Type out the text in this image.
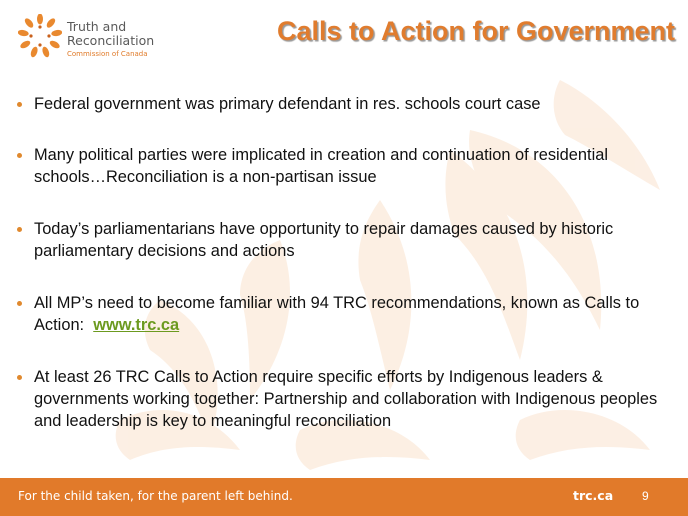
Truth and
Reconciliation
Commission of Canada
Calls to Action for Government
Federal government was primary defendant in res. schools court case
Many political parties were implicated in creation and continuation of residential schools…Reconciliation is a non-partisan issue
Today’s parliamentarians have opportunity to repair damages caused by historic parliamentary decisions and actions
All MP’s need to become familiar with 94 TRC recommendations, known as Calls to Action: www.trc.ca
At least 26 TRC Calls to Action require specific efforts by Indigenous leaders & governments working together: Partnership and collaboration with Indigenous peoples and leadership is key to meaningful reconciliation
For the child taken, for the parent left behind.	trc.ca 9
